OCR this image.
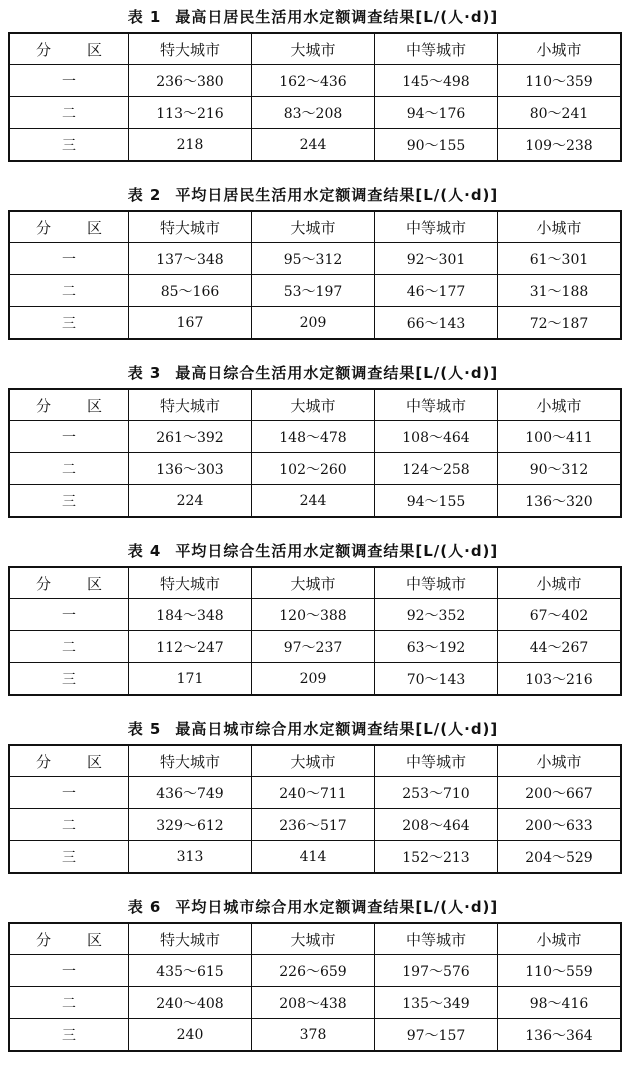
表 1 最高日居民生活用水定额调查结果[L/(人·d)]
分 区	特大城市	大城市	中等城市	小城市
一	236～380	162～436	145～498	110～359
二	113～216	83～208	94～176	80～241
三	218	244	90～155	109～238
表 2 平均日居民生活用水定额调查结果[L/(人·d)]
分 区	特大城市	大城市	中等城市	小城市
一	137～348	95～312	92～301	61～301
二	85～166	53～197	46～177	31～188
三	167	209	66～143	72～187
表 3 最高日综合生活用水定额调查结果[L/(人·d)]
分 区	特大城市	大城市	中等城市	小城市
一	261～392	148～478	108～464	100～411
二	136～303	102～260	124～258	90～312
三	224	244	94～155	136～320
表 4 平均日综合生活用水定额调查结果[L/(人·d)]
分 区	特大城市	大城市	中等城市	小城市
一	184～348	120～388	92～352	67～402
二	112～247	97～237	63～192	44～267
三	171	209	70～143	103～216
表 5 最高日城市综合用水定额调查结果[L/(人·d)]
分 区	特大城市	大城市	中等城市	小城市
一	436～749	240～711	253～710	200～667
二	329～612	236～517	208～464	200～633
三	313	414	152～213	204～529
表 6 平均日城市综合用水定额调查结果[L/(人·d)]
分 区	特大城市	大城市	中等城市	小城市
一	435～615	226～659	197～576	110～559
二	240～408	208～438	135～349	98～416
三	240	378	97～157	136～364
